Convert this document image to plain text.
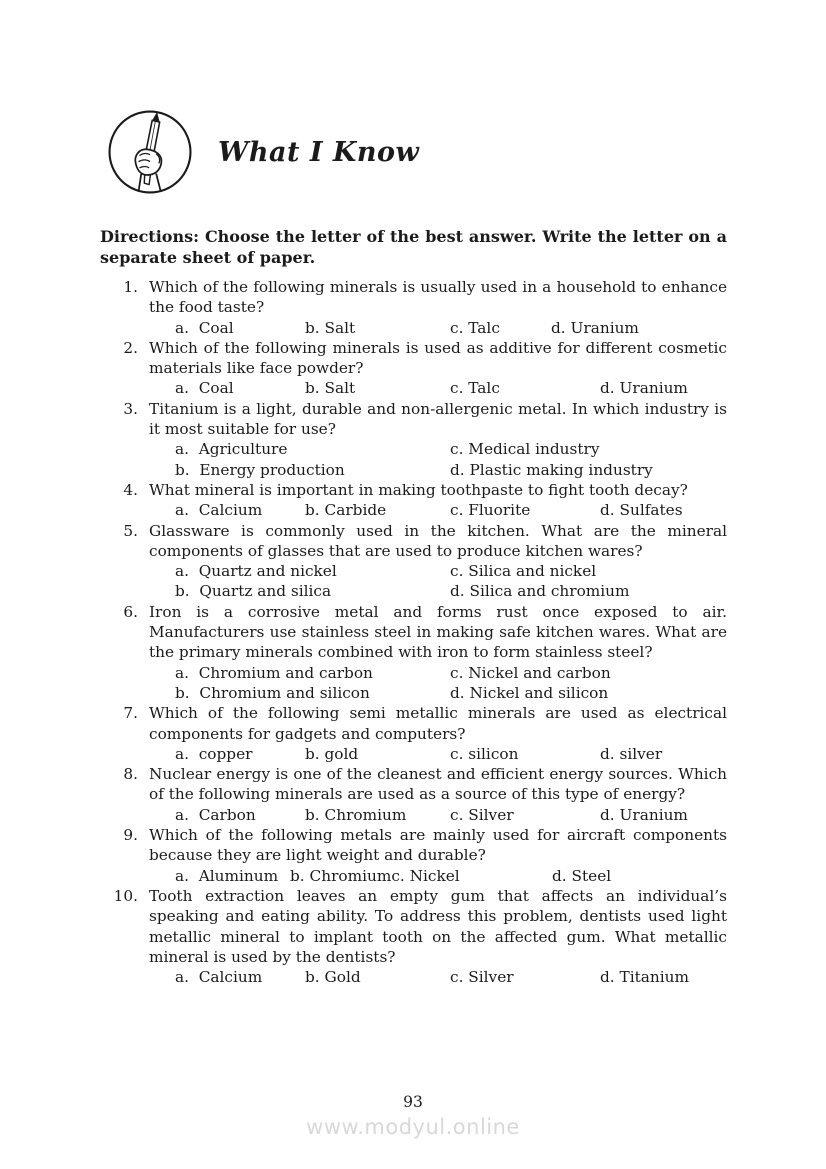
What I Know

Directions: Choose the letter of the best answer. Write the letter on a separate sheet of paper.

1. Which of the following minerals is usually used in a household to enhance the food taste?
a.  Coal	b. Salt	c. Talc	d. Uranium
2. Which of the following minerals is used as additive for different cosmetic materials like face powder?
a.  Coal	b. Salt	c. Talc	d. Uranium
3. Titanium is a light, durable and non-allergenic metal. In which industry is it most suitable for use?
a.  Agriculture
b.  Energy production
c. Medical industry
d. Plastic making industry
4. What mineral is important in making toothpaste to fight tooth decay?
a.  Calcium	b. Carbide	c. Fluorite	d. Sulfates
5. Glassware is commonly used in the kitchen. What are the mineral components of glasses that are used to produce kitchen wares?
a.  Quartz and nickel
b.  Quartz and silica
c. Silica and nickel
d. Silica and chromium
6. Iron is a corrosive metal and forms rust once exposed to air. Manufacturers use stainless steel in making safe kitchen wares. What are the primary minerals combined with iron to form stainless steel?
a.  Chromium and carbon
b.  Chromium and silicon
c. Nickel and carbon
d. Nickel and silicon
7. Which of the following semi metallic minerals are used as electrical components for gadgets and computers?
a.  copper	b. gold	c. silicon	d. silver
8. Nuclear energy is one of the cleanest and efficient energy sources. Which of the following minerals are used as a source of this type of energy?
a.  Carbon	b. Chromium	c. Silver	d. Uranium
9. Which of the following metals are mainly used for aircraft components because they are light weight and durable?
a.  Aluminum b. Chromiumc. Nickel	d. Steel
10. Tooth extraction leaves an empty gum that affects an individual’s speaking and eating ability. To address this problem, dentists used light metallic mineral to implant tooth on the affected gum. What metallic mineral is used by the dentists?
a.  Calcium	b. Gold	c. Silver	d. Titanium
93
www.modyul.online
